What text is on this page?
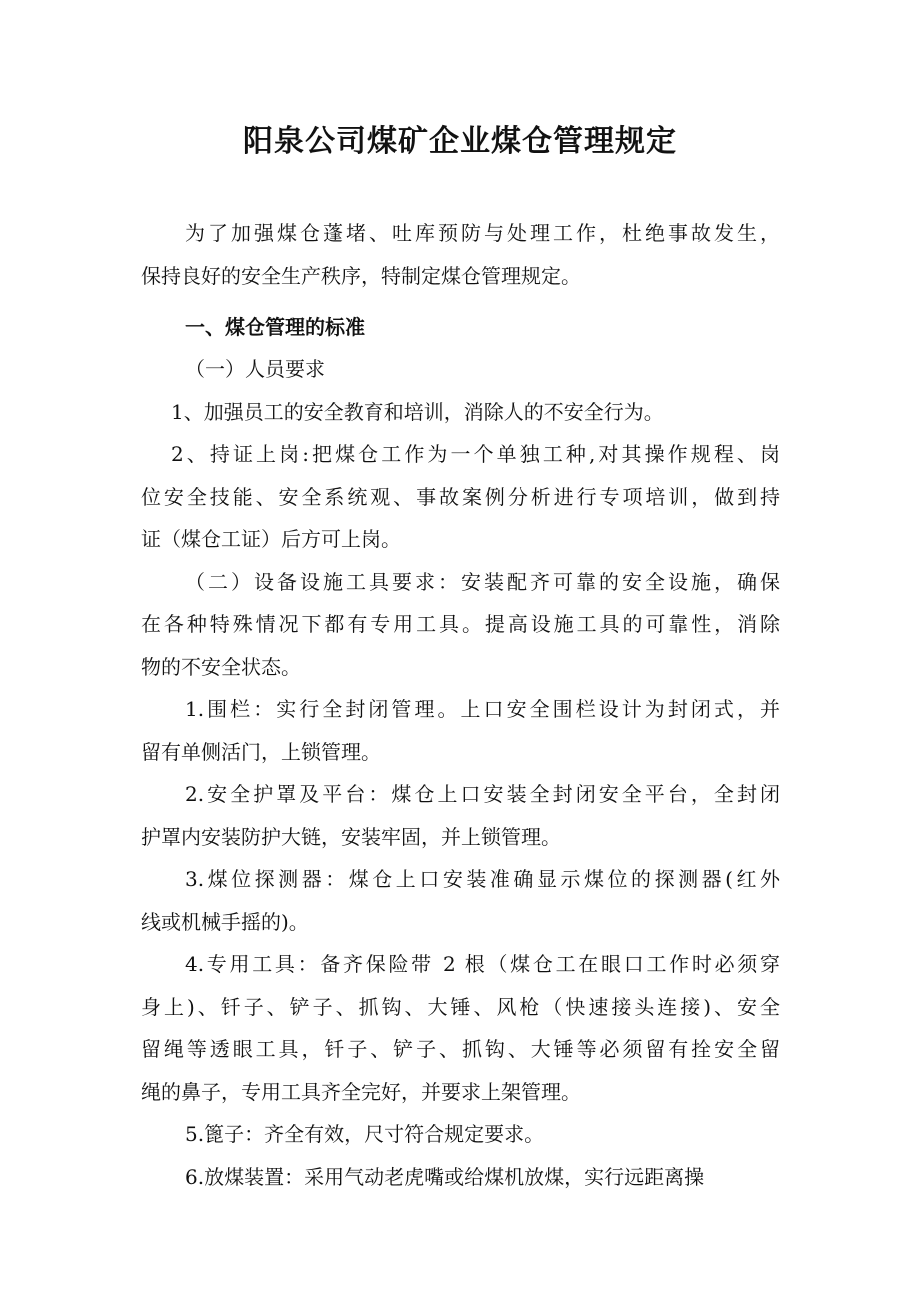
阳泉公司煤矿企业煤仓管理规定
为了加强煤仓蓬堵、吐库预防与处理工作，杜绝事故发生，
保持良好的安全生产秩序，特制定煤仓管理规定。
一、煤仓管理的标准
（一）人员要求
1、加强员工的安全教育和培训，消除人的不安全行为。
2、持证上岗:把煤仓工作为一个单独工种,对其操作规程、岗
位安全技能、安全系统观、事故案例分析进行专项培训，做到持
证（煤仓工证）后方可上岗。
（二）设备设施工具要求：安装配齐可靠的安全设施，确保
在各种特殊情况下都有专用工具。提高设施工具的可靠性，消除
物的不安全状态。
1.围栏：实行全封闭管理。上口安全围栏设计为封闭式，并
留有单侧活门，上锁管理。
2.安全护罩及平台：煤仓上口安装全封闭安全平台，全封闭
护罩内安装防护大链，安装牢固，并上锁管理。
3.煤位探测器：煤仓上口安装准确显示煤位的探测器(红外
线或机械手摇的)。
4.专用工具：备齐保险带 2 根（煤仓工在眼口工作时必须穿
身上)、钎子、铲子、抓钩、大锤、风枪（快速接头连接)、安全
留绳等透眼工具，钎子、铲子、抓钩、大锤等必须留有拴安全留
绳的鼻子，专用工具齐全完好，并要求上架管理。
5.篦子：齐全有效，尺寸符合规定要求。
6.放煤装置：采用气动老虎嘴或给煤机放煤，实行远距离操
